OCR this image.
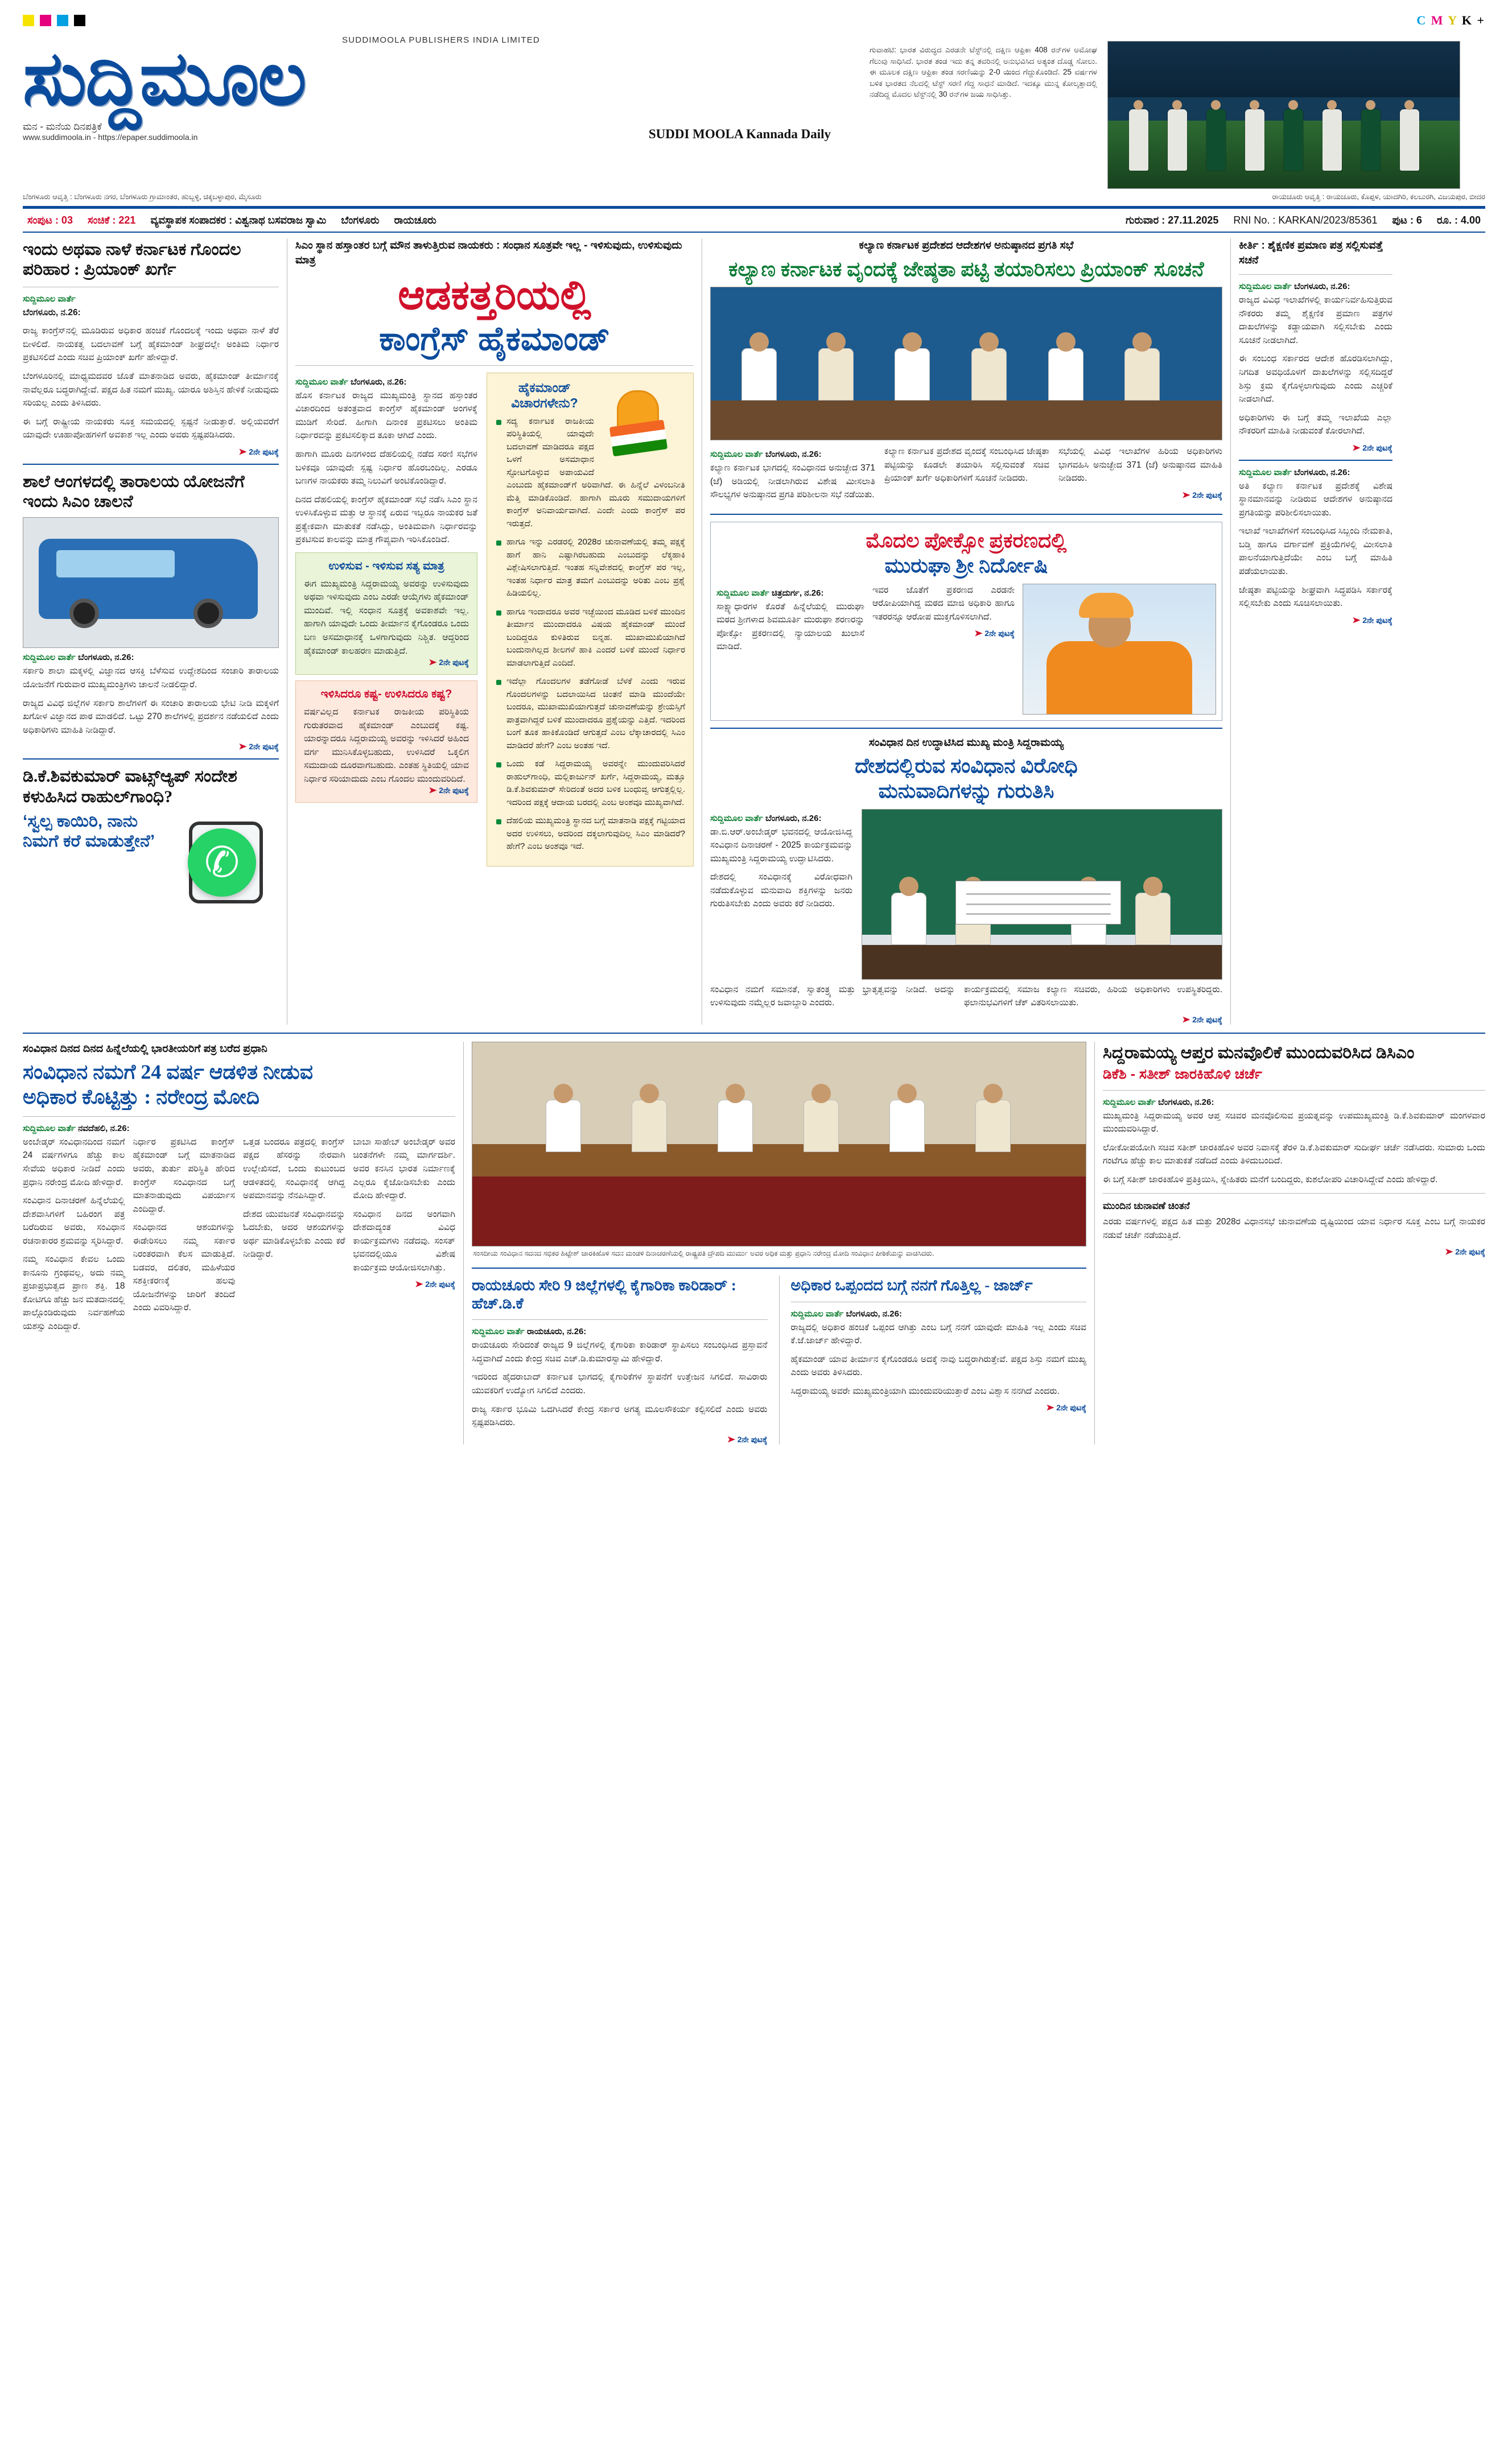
C M Y K +
SUDDIMOOLA PUBLISHERS INDIA LIMITED
ಸುದ್ದಿಮೂಲ
ಮನ - ಮನೆಯ ದಿನಪತ್ರಿಕೆ
www.suddimoola.in - https://epaper.suddimoola.in	SUDDI MOOLA Kannada Daily
ಗುವಾಹಟಿ: ಭಾರತ ವಿರುದ್ಧದ ಎರಡನೇ ಟೆಸ್ಟ್‌ನಲ್ಲಿ ದಕ್ಷಿಣ ಆಫ್ರಿಕಾ 408 ರನ್‌ಗಳ ಅಮೋಘ ಗೆಲುವು ಸಾಧಿಸಿದೆ. ಭಾರತ ತಂಡ ಇದು ತನ್ನ ತವರಿನಲ್ಲಿ ಅನುಭವಿಸಿದ ಅತ್ಯಂತ ದೊಡ್ಡ ಸೋಲು. ಈ ಮೂಲಕ ದಕ್ಷಿಣ ಆಫ್ರಿಕಾ ತಂಡ ಸರಣಿಯನ್ನು 2-0 ಯಿಂದ ಗೆದ್ದುಕೊಂಡಿದೆ. 25 ವರ್ಷಗಳ ಬಳಿಕ ಭಾರತದ ನೆಲದಲ್ಲಿ ಟೆಸ್ಟ್ ಸರಣಿ ಗೆದ್ದ ಸಾಧನೆ ಮಾಡಿದೆ. ಇದಕ್ಕೂ ಮುನ್ನ ಕೋಲ್ಕತ್ತಾದಲ್ಲಿ ನಡೆದಿದ್ದ ಮೊದಲ ಟೆಸ್ಟ್‌ನಲ್ಲಿ 30 ರನ್‌ಗಳ ಜಯ ಸಾಧಿಸಿತ್ತು.
ಬೆಂಗಳೂರು ಆವೃತ್ತಿ : ಬೆಂಗಳೂರು ನಗರ, ಬೆಂಗಳೂರು ಗ್ರಾಮಾಂತರ, ಹುಬ್ಬಳ್ಳಿ, ಚಿಕ್ಕಬಳ್ಳಾಪುರ, ಮೈಸೂರು	ರಾಯಚೂರು ಆವೃತ್ತಿ : ರಾಯಚೂರು, ಕೊಪ್ಪಳ, ಯಾದಗಿರಿ, ಕಲಬುರಗಿ, ವಿಜಯಪುರ, ಬೀದರ
ಸಂಪುಟ : 03 ಸಂಚಿಕೆ : 221 ವ್ಯವಸ್ಥಾಪಕ ಸಂಪಾದಕರ : ವಿಶ್ವನಾಥ ಬಸವರಾಜ ಸ್ವಾಮಿ ಬೆಂಗಳೂರು ರಾಯಚೂರು	ಗುರುವಾರ : 27.11.2025 RNI No. : KARKAN/2023/85361 ಪುಟ : 6 ರೂ. : 4.00
ಇಂದು ಅಥವಾ ನಾಳೆ ಕರ್ನಾಟಕ ಗೊಂದಲ ಪರಿಹಾರ : ಪ್ರಿಯಾಂಕ್ ಖರ್ಗೆ
ಸುದ್ದಿಮೂಲ ವಾರ್ತೆ

ಬೆಂಗಳೂರು, ನ.26:

ರಾಜ್ಯ ಕಾಂಗ್ರೆಸ್‌ನಲ್ಲಿ ಮೂಡಿರುವ ಅಧಿಕಾರ ಹಂಚಿಕೆ ಗೊಂದಲಕ್ಕೆ ಇಂದು ಅಥವಾ ನಾಳೆ ತೆರೆ ಬೀಳಲಿದೆ. ನಾಯಕತ್ವ ಬದಲಾವಣೆ ಬಗ್ಗೆ ಹೈಕಮಾಂಡ್ ಶೀಘ್ರದಲ್ಲೇ ಅಂತಿಮ ನಿರ್ಧಾರ ಪ್ರಕಟಿಸಲಿದೆ ಎಂದು ಸಚಿವ ಪ್ರಿಯಾಂಕ್ ಖರ್ಗೆ ಹೇಳಿದ್ದಾರೆ.

ಬೆಂಗಳೂರಿನಲ್ಲಿ ಮಾಧ್ಯಮದವರ ಜೊತೆ ಮಾತನಾಡಿದ ಅವರು, ಹೈಕಮಾಂಡ್ ತೀರ್ಮಾನಕ್ಕೆ ನಾವೆಲ್ಲರೂ ಬದ್ಧರಾಗಿದ್ದೇವೆ. ಪಕ್ಷದ ಹಿತ ನಮಗೆ ಮುಖ್ಯ. ಯಾರೂ ಅಶಿಸ್ತಿನ ಹೇಳಿಕೆ ನೀಡುವುದು ಸರಿಯಲ್ಲ ಎಂದು ತಿಳಿಸಿದರು.

ಈ ಬಗ್ಗೆ ರಾಷ್ಟ್ರೀಯ ನಾಯಕರು ಸೂಕ್ತ ಸಮಯದಲ್ಲಿ ಸ್ಪಷ್ಟನೆ ನೀಡುತ್ತಾರೆ. ಅಲ್ಲಿಯವರೆಗೆ ಯಾವುದೇ ಊಹಾಪೋಹಗಳಿಗೆ ಅವಕಾಶ ಇಲ್ಲ ಎಂದು ಅವರು ಸ್ಪಷ್ಟಪಡಿಸಿದರು.

➤ 2ನೇ ಪುಟಕ್ಕೆ
ಶಾಲೆ ಆಂಗಳದಲ್ಲಿ ತಾರಾಲಯ ಯೋಜನೆಗೆ ಇಂದು ಸಿಎಂ ಚಾಲನೆ
ಸುದ್ದಿಮೂಲ ವಾರ್ತೆ ಬೆಂಗಳೂರು, ನ.26:

ಸರ್ಕಾರಿ ಶಾಲಾ ಮಕ್ಕಳಲ್ಲಿ ವಿಜ್ಞಾನದ ಆಸಕ್ತಿ ಬೆಳೆಸುವ ಉದ್ದೇಶದಿಂದ ಸಂಚಾರಿ ತಾರಾಲಯ ಯೋಜನೆಗೆ ಗುರುವಾರ ಮುಖ್ಯಮಂತ್ರಿಗಳು ಚಾಲನೆ ನೀಡಲಿದ್ದಾರೆ.

ರಾಜ್ಯದ ವಿವಿಧ ಜಿಲ್ಲೆಗಳ ಸರ್ಕಾರಿ ಶಾಲೆಗಳಿಗೆ ಈ ಸಂಚಾರಿ ತಾರಾಲಯ ಭೇಟಿ ನೀಡಿ ಮಕ್ಕಳಿಗೆ ಖಗೋಳ ವಿಜ್ಞಾನದ ಪಾಠ ಮಾಡಲಿದೆ. ಒಟ್ಟು 270 ಶಾಲೆಗಳಲ್ಲಿ ಪ್ರದರ್ಶನ ನಡೆಯಲಿದೆ ಎಂದು ಅಧಿಕಾರಿಗಳು ಮಾಹಿತಿ ನೀಡಿದ್ದಾರೆ.

➤ 2ನೇ ಪುಟಕ್ಕೆ
ಡಿ.ಕೆ.ಶಿವಕುಮಾರ್ ವಾಟ್ಸ್‌ಆ್ಯಪ್ ಸಂದೇಶ ಕಳುಹಿಸಿದ ರಾಹುಲ್‌ಗಾಂಧಿ?
‘ಸ್ವಲ್ಪ ಕಾಯಿರಿ, ನಾನು ನಿಮಗೆ ಕರೆ ಮಾಡುತ್ತೇನೆ’
✆
ಸಿಎಂ ಸ್ಥಾನ ಹಸ್ತಾಂತರ ಬಗ್ಗೆ ಮೌನ ತಾಳುತ್ತಿರುವ ನಾಯಕರು : ಸಂಧಾನ ಸೂತ್ರವೇ ಇಲ್ಲ - ಇಳಿಸುವುದು, ಉಳಿಸುವುದು ಮಾತ್ರ
ಆಡಕತ್ತರಿಯಲ್ಲಿ
ಕಾಂಗ್ರೆಸ್ ಹೈಕಮಾಂಡ್
ಸುದ್ದಿಮೂಲ ವಾರ್ತೆ ಬೆಂಗಳೂರು, ನ.26:

ಹೊಸ ಕರ್ನಾಟಕ ರಾಜ್ಯದ ಮುಖ್ಯಮಂತ್ರಿ ಸ್ಥಾನದ ಹಸ್ತಾಂತರ ವಿಚಾರದಿಂದ ಅತಂತ್ರವಾದ ಕಾಂಗ್ರೆಸ್ ಹೈಕಮಾಂಡ್ ಅಂಗಳಕ್ಕೆ ಮುಡಿಗೆ ಸೇರಿದೆ. ಹೀಗಾಗಿ ದಿನಾಂಕ ಪ್ರಕಟಿಸಲು ಅಂತಿಮ ನಿರ್ಧಾರವನ್ನು ಪ್ರಕಟಿಸಲಿಕ್ಕಾದ ತೂಕಾ ಆಗಿದೆ ಎಂದು.

ಹಾಗಾಗಿ ಮೂರು ದಿನಗಳಿಂದ ದೆಹಲಿಯಲ್ಲಿ ನಡೆದ ಸರಣಿ ಸಭೆಗಳ ಬಳಿಕವೂ ಯಾವುದೇ ಸ್ಪಷ್ಟ ನಿರ್ಧಾರ ಹೊರಬಂದಿಲ್ಲ. ಎರಡೂ ಬಣಗಳ ನಾಯಕರು ತಮ್ಮ ನಿಲುವಿಗೆ ಅಂಟಿಕೊಂಡಿದ್ದಾರೆ.

ದಿನದ ದೆಹಲಿಯಲ್ಲಿ ಕಾಂಗ್ರೆಸ್ ಹೈಕಮಾಂಡ್ ಸಭೆ ನಡೆಸಿ ಸಿಎಂ ಸ್ಥಾನ ಉಳಿಸಿಕೊಳ್ಳುವ ಮತ್ತು ಆ ಸ್ಥಾನಕ್ಕೆ ಏರುವ ಇಬ್ಬರೂ ನಾಯಕರ ಜತೆ ಪ್ರತ್ಯೇಕವಾಗಿ ಮಾತುಕತೆ ನಡೆಸಿದ್ದು, ಅಂತಿಮವಾಗಿ ನಿರ್ಧಾರವನ್ನು ಪ್ರಕಟಿಸುವ ಕಾಲವನ್ನು ಮಾತ್ರ ಗೌಪ್ಯವಾಗಿ ಇರಿಸಿಕೊಂಡಿದೆ.

ಉಳಿಸುವ - ಇಳಿಸುವ ಸತ್ಯ ಮಾತ್ರ

ಈಗ ಮುಖ್ಯಮಂತ್ರಿ ಸಿದ್ದರಾಮಯ್ಯ ಅವರನ್ನು ಉಳಿಸುವುದು ಅಥವಾ ಇಳಿಸುವುದು ಎಂಬ ಎರಡೇ ಆಯ್ಕೆಗಳು ಹೈಕಮಾಂಡ್ ಮುಂದಿವೆ. ಇಲ್ಲಿ ಸಂಧಾನ ಸೂತ್ರಕ್ಕೆ ಅವಕಾಶವೇ ಇಲ್ಲ. ಹಾಗಾಗಿ ಯಾವುದೇ ಒಂದು ತೀರ್ಮಾನ ಕೈಗೊಂಡರೂ ಒಂದು ಬಣ ಅಸಮಾಧಾನಕ್ಕೆ ಒಳಗಾಗುವುದು ನಿಶ್ಚಿತ. ಆದ್ದರಿಂದ ಹೈಕಮಾಂಡ್ ಕಾಲಹರಣ ಮಾಡುತ್ತಿದೆ.

➤ 2ನೇ ಪುಟಕ್ಕೆ
ಇಳಿಸಿದರೂ ಕಷ್ಟ- ಉಳಿಸಿದರೂ ಕಷ್ಟ?

ವರ್ಷವಿಲ್ಲದ ಕರ್ನಾಟಕ ರಾಜಕೀಯ ಪರಿಸ್ಥಿತಿಯ ಗುರುತರವಾದ ಹೈಕಮಾಂಡ್ ಎಂಬುದಕ್ಕೆ ಕಷ್ಟ. ಯಾರನ್ನಾದರೂ ಸಿದ್ದರಾಮಯ್ಯ ಅವರನ್ನು ಇಳಿಸಿದರೆ ಅಹಿಂದ ವರ್ಗ ಮುನಿಸಿಕೊಳ್ಳಬಹುದು, ಉಳಿಸಿದರೆ ಒಕ್ಕಲಿಗ ಸಮುದಾಯ ದೂರವಾಗಬಹುದು. ಎಂತಹ ಸ್ಥಿತಿಯಲ್ಲಿ ಯಾವ ನಿರ್ಧಾರ ಸರಿಯಾದುದು ಎಂಬ ಗೊಂದಲ ಮುಂದುವರಿದಿದೆ.

➤ 2ನೇ ಪುಟಕ್ಕೆ
ಹೈಕಮಾಂಡ್ ವಿಚಾರಗಳೇನು?
ಸದ್ಯ ಕರ್ನಾಟಕ ರಾಜಕೀಯ ಪರಿಸ್ಥಿತಿಯಲ್ಲಿ ಯಾವುದೇ ಬದಲಾವಣೆ ಮಾಡಿದರೂ ಪಕ್ಷದ ಒಳಗೆ ಅಸಮಾಧಾನ ಸ್ಫೋಟಗೊಳ್ಳುವ ಅಪಾಯವಿದೆ ಎಂಬುದು ಹೈಕಮಾಂಡ್‌ಗೆ ಅರಿವಾಗಿದೆ. ಈ ಹಿನ್ನೆಲೆ ವಿಳಂಬನೀತಿ ಮೆತ್ತಿ ಮಾಡಿಕೊಂಡಿದೆ. ಹಾಗಾಗಿ ಮೂರು ಸಮುದಾಯಗಳಿಗೆ ಕಾಂಗ್ರೆಸ್ ಅನಿವಾರ್ಯವಾಗಿದೆ. ಎಂದೇ ಎಂದು ಕಾಂಗ್ರೆಸ್ ಪರ ಇರುತ್ತದೆ.
ಹಾಗೂ ಇನ್ನು ಎರಡರಲ್ಲಿ 2028ರ ಚುನಾವಣೆಯಲ್ಲಿ ತಮ್ಮ ಪಕ್ಷಕ್ಕೆ ಹಾಗೆ ಹಾನಿ ಎಷ್ಟಾಗಿರಬಹುದು ಎಂಬುದನ್ನು ಲೆಕ್ಕಹಾಕಿ ವಿಶ್ಲೇಷಿಸಲಾಗುತ್ತಿದೆ. ಇಂತಹ ಸನ್ನಿವೇಶದಲ್ಲಿ ಕಾಂಗ್ರೆಸ್ ಪರ ಇಲ್ಲ, ಇಂತಹ ನಿರ್ಧಾರ ಮಾತ್ರ ತಮಗೆ ಎಂಬುದನ್ನು ಅರಿತು ಎಂಬ ಪ್ರಶ್ನೆ ಹಿಡಿಯಲಿಲ್ಲ.
ಹಾಗೂ ಇಂದಾದರೂ ಅವರ ಇಚ್ಛೆಯಿಂದ ಮೂಡಿದ ಬಳಿಕೆ ಮುಂದಿನ ತೀರ್ಮಾನ ಮುಂದಾದರೂ ವಿಷಯ ಹೈಕಮಾಂಡ್ ಮುಂದೆ ಬಂದಿದ್ದರೂ ಕುಳಿತಿರುವ ಬಿನ್ನಹ. ಮುಖಾಮುಖಿಯಾಗಿದೆ ಬಂದುನಾಗಿಲ್ಲದ ಶೀಲಗಳೆ ಹಾಕಿ ಎಂದರೆ ಬಳಿಕೆ ಮುಂದೆ ನಿರ್ಧಾರ ಮಾಡಲಾಗುತ್ತಿದೆ ಎಂದಿದೆ.
ಇದೆಲ್ಲಾ ಗೊಂದಲಗಳ ತಡೆಗೋಡೆ ಬೆಳಕೆ ಎಂದು ಇರುವ ಗೊಂದಲಗಳನ್ನು ಬದಲಾಯಿಸಿದ ಚಿಂತನೆ ಮಾಡಿ ಮುಂದೆಯೇ ಬಂದರೂ, ಮುಖಾಮುಖಿಯಾಗುತ್ತದೆ ಚುನಾವಣೆಯನ್ನು ಶ್ರೇಯಸ್ಸಿಗೆ ಪಾತ್ರವಾಗಿದ್ದರೆ ಬಳಿಕೆ ಮುಂದಾದರೂ ಪ್ರಶ್ನೆಯನ್ನು ಎತ್ತಿದೆ. ಇದರಿಂದ ಬಂಗೆ ತೂಕ ಹಾಕಿಕೊಂಡಿದೆ ಆಗುತ್ತದೆ ಎಂಬ ಲೆಕ್ಕಾಚಾರದಲ್ಲಿ ಸಿಎಂ ಮಾಡಿದರೆ ಹೇಗೆ? ಎಂಬ ಅಂತಹ ಇದೆ.
ಒಂದು ಕಡೆ ಸಿದ್ದರಾಮಯ್ಯ ಅವರನ್ನೇ ಮುಂದುವರಿಸಿದರೆ ರಾಹುಲ್‌ಗಾಂಧಿ, ಮಲ್ಲಿಕಾರ್ಜುನ್ ಖರ್ಗೆ, ಸಿದ್ದರಾಮಯ್ಯ, ಮತ್ತೂ ಡಿ.ಕೆ.ಶಿವಕುಮಾರ್ ಸೇರಿದಂತೆ ಅದರ ಬಳಿಕ ಬಂಧುವ್ವ ಆಗುತ್ತಲ್ಲಿಲ್ಲ. ಇದರಿಂದ ಪಕ್ಷಕ್ಕೆ ಆದಾಯ ಬರದಲ್ಲಿ ಎಂಬ ಅಂಶವೂ ಮುಖ್ಯವಾಗಿದೆ.
ದೆಹಲಿಯ ಮುಖ್ಯಮಂತ್ರಿ ಸ್ಥಾನದ ಬಗ್ಗೆ ಮಾತನಾಡಿ ಪಕ್ಷಕ್ಕೆ ಗಟ್ಟಿಯಾದ ಅದರ ಉಳಿಸಲು, ಅದರಿಂದ ದಕ್ಕಲಾಗುವುದಿಲ್ಲ ಸಿಎಂ ಮಾಡಿದರೆ? ಹೇಗೆ? ಎಂಬ ಅಂಶವೂ ಇದೆ.
ಕಲ್ಯಾಣ ಕರ್ನಾಟಕ ಪ್ರದೇಶದ ಆದೇಶಗಳ ಅನುಷ್ಠಾನದ ಪ್ರಗತಿ ಸಭೆ
ಕಲ್ಯಾಣ ಕರ್ನಾಟಕ ವೃಂದಕ್ಕೆ ಜೇಷ್ಠತಾ ಪಟ್ಟಿ ತಯಾರಿಸಲು ಪ್ರಿಯಾಂಕ್ ಸೂಚನೆ
ಸುದ್ದಿಮೂಲ ವಾರ್ತೆ ಬೆಂಗಳೂರು, ನ.26:

ಕಲ್ಯಾಣ ಕರ್ನಾಟಕ ಭಾಗದಲ್ಲಿ ಸಂವಿಧಾನದ ಅನುಚ್ಛೇದ 371 (ಜೆ) ಅಡಿಯಲ್ಲಿ ನೀಡಲಾಗಿರುವ ವಿಶೇಷ ಮೀಸಲಾತಿ ಸೌಲಭ್ಯಗಳ ಅನುಷ್ಠಾನದ ಪ್ರಗತಿ ಪರಿಶೀಲನಾ ಸಭೆ ನಡೆಯಿತು.

ಕಲ್ಯಾಣ ಕರ್ನಾಟಕ ಪ್ರದೇಶದ ವೃಂದಕ್ಕೆ ಸಂಬಂಧಿಸಿದ ಜೇಷ್ಠತಾ ಪಟ್ಟಿಯನ್ನು ಕೂಡಲೇ ತಯಾರಿಸಿ ಸಲ್ಲಿಸುವಂತೆ ಸಚಿವ ಪ್ರಿಯಾಂಕ್ ಖರ್ಗೆ ಅಧಿಕಾರಿಗಳಿಗೆ ಸೂಚನೆ ನೀಡಿದರು.

ಸಭೆಯಲ್ಲಿ ವಿವಿಧ ಇಲಾಖೆಗಳ ಹಿರಿಯ ಅಧಿಕಾರಿಗಳು ಭಾಗವಹಿಸಿ ಅನುಚ್ಛೇದ 371 (ಜೆ) ಅನುಷ್ಠಾನದ ಮಾಹಿತಿ ನೀಡಿದರು.

➤ 2ನೇ ಪುಟಕ್ಕೆ
ಮೊದಲ ಪೋಕ್ಸೋ ಪ್ರಕರಣದಲ್ಲಿ
ಮುರುಘಾ ಶ್ರೀ ನಿರ್ದೋಷಿ
ಸುದ್ದಿಮೂಲ ವಾರ್ತೆ ಚಿತ್ರದುರ್ಗ, ನ.26:

ಸಾಕ್ಷ್ಯಾಧಾರಗಳ ಕೊರತೆ ಹಿನ್ನೆಲೆಯಲ್ಲಿ ಮುರುಘಾ ಮಠದ ಶ್ರೀಗಳಾದ ಶಿವಮೂರ್ತಿ ಮುರುಘಾ ಶರಣರನ್ನು ಪೋಕ್ಸೋ ಪ್ರಕರಣದಲ್ಲಿ ನ್ಯಾಯಾಲಯ ಖುಲಾಸೆ ಮಾಡಿದೆ.

ಇವರ ಜೊತೆಗೆ ಪ್ರಕರಣದ ಎರಡನೇ ಆರೋಪಿಯಾಗಿದ್ದ ಮಠದ ಮಾಜಿ ಅಧಿಕಾರಿ ಹಾಗೂ ಇತರರನ್ನೂ ಆರೋಪ ಮುಕ್ತಗೊಳಿಸಲಾಗಿದೆ.

➤ 2ನೇ ಪುಟಕ್ಕೆ
ಸಂವಿಧಾನ ದಿನ ಉದ್ಧಾಟಿಸಿದ ಮುಖ್ಯ ಮಂತ್ರಿ ಸಿದ್ದರಾಮಯ್ಯ
ದೇಶದಲ್ಲಿರುವ ಸಂವಿಧಾನ ವಿರೋಧಿ
ಮನುವಾದಿಗಳನ್ನು ಗುರುತಿಸಿ
ಸುದ್ದಿಮೂಲ ವಾರ್ತೆ ಬೆಂಗಳೂರು, ನ.26:

ಡಾ.ಬಿ.ಆರ್.ಅಂಬೇಡ್ಕರ್ ಭವನದಲ್ಲಿ ಆಯೋಜಿಸಿದ್ದ ಸಂವಿಧಾನ ದಿನಾಚರಣೆ - 2025 ಕಾರ್ಯಕ್ರಮವನ್ನು ಮುಖ್ಯಮಂತ್ರಿ ಸಿದ್ದರಾಮಯ್ಯ ಉದ್ಘಾಟಿಸಿದರು.

ದೇಶದಲ್ಲಿ ಸಂವಿಧಾನಕ್ಕೆ ವಿರೋಧವಾಗಿ ನಡೆದುಕೊಳ್ಳುವ ಮನುವಾದಿ ಶಕ್ತಿಗಳನ್ನು ಜನರು ಗುರುತಿಸಬೇಕು ಎಂದು ಅವರು ಕರೆ ನೀಡಿದರು.

ಸಂವಿಧಾನ ನಮಗೆ ಸಮಾನತೆ, ಸ್ವಾತಂತ್ರ್ಯ ಮತ್ತು ಭ್ರಾತೃತ್ವವನ್ನು ನೀಡಿದೆ. ಅದನ್ನು ಉಳಿಸುವುದು ನಮ್ಮೆಲ್ಲರ ಜವಾಬ್ದಾರಿ ಎಂದರು.

ಕಾರ್ಯಕ್ರಮದಲ್ಲಿ ಸಮಾಜ ಕಲ್ಯಾಣ ಸಚಿವರು, ಹಿರಿಯ ಅಧಿಕಾರಿಗಳು ಉಪಸ್ಥಿತರಿದ್ದರು. ಫಲಾನುಭವಿಗಳಿಗೆ ಚೆಕ್ ವಿತರಿಸಲಾಯಿತು.

➤ 2ನೇ ಪುಟಕ್ಕೆ
ಕೀರ್ತಿ : ಶೈಕ್ಷಣಿಕ ಪ್ರಮಾಣ ಪತ್ರ ಸಲ್ಲಿಸುವತ್ತೆ ಸಚನೆ
ಸುದ್ದಿಮೂಲ ವಾರ್ತೆ ಬೆಂಗಳೂರು, ನ.26:

ರಾಜ್ಯದ ವಿವಿಧ ಇಲಾಖೆಗಳಲ್ಲಿ ಕಾರ್ಯನಿರ್ವಹಿಸುತ್ತಿರುವ ನೌಕರರು ತಮ್ಮ ಶೈಕ್ಷಣಿಕ ಪ್ರಮಾಣ ಪತ್ರಗಳ ದಾಖಲೆಗಳನ್ನು ಕಡ್ಡಾಯವಾಗಿ ಸಲ್ಲಿಸಬೇಕು ಎಂದು ಸೂಚನೆ ನೀಡಲಾಗಿದೆ.

ಈ ಸಂಬಂಧ ಸರ್ಕಾರದ ಆದೇಶ ಹೊರಡಿಸಲಾಗಿದ್ದು, ನಿಗದಿತ ಅವಧಿಯೊಳಗೆ ದಾಖಲೆಗಳನ್ನು ಸಲ್ಲಿಸದಿದ್ದರೆ ಶಿಸ್ತು ಕ್ರಮ ಕೈಗೊಳ್ಳಲಾಗುವುದು ಎಂದು ಎಚ್ಚರಿಕೆ ನೀಡಲಾಗಿದೆ.

ಅಧಿಕಾರಿಗಳು ಈ ಬಗ್ಗೆ ತಮ್ಮ ಇಲಾಖೆಯ ಎಲ್ಲಾ ನೌಕರರಿಗೆ ಮಾಹಿತಿ ನೀಡುವಂತೆ ಕೋರಲಾಗಿದೆ.

➤ 2ನೇ ಪುಟಕ್ಕೆ
ಸುದ್ದಿಮೂಲ ವಾರ್ತೆ ಬೆಂಗಳೂರು, ನ.26:

ಅತಿ ಕಲ್ಯಾಣ ಕರ್ನಾಟಕ ಪ್ರದೇಶಕ್ಕೆ ವಿಶೇಷ ಸ್ಥಾನಮಾನವನ್ನು ನೀಡಿರುವ ಆದೇಶಗಳ ಅನುಷ್ಠಾನದ ಪ್ರಗತಿಯನ್ನು ಪರಿಶೀಲಿಸಲಾಯಿತು.

ಇಲಾಖೆ ಇಲಾಖೆಗಳಿಗೆ ಸಂಬಂಧಿಸಿದ ಸಿಬ್ಬಂದಿ ನೇಮಕಾತಿ, ಬಡ್ತಿ ಹಾಗೂ ವರ್ಗಾವಣೆ ಪ್ರಕ್ರಿಯೆಗಳಲ್ಲಿ ಮೀಸಲಾತಿ ಪಾಲನೆಯಾಗುತ್ತಿದೆಯೇ ಎಂಬ ಬಗ್ಗೆ ಮಾಹಿತಿ ಪಡೆಯಲಾಯಿತು.

ಜೇಷ್ಠತಾ ಪಟ್ಟಿಯನ್ನು ಶೀಘ್ರವಾಗಿ ಸಿದ್ಧಪಡಿಸಿ ಸರ್ಕಾರಕ್ಕೆ ಸಲ್ಲಿಸಬೇಕು ಎಂದು ಸೂಚಿಸಲಾಯಿತು.

➤ 2ನೇ ಪುಟಕ್ಕೆ
ಸಂವಿಧಾನ ದಿನದ ದಿನದ ಹಿನ್ನೆಲೆಯಲ್ಲಿ ಭಾರತೀಯರಿಗೆ ಪತ್ರ ಬರೆದ ಪ್ರಧಾನಿ
ಸಂವಿಧಾನ ನಮಗೆ 24 ವರ್ಷ ಆಡಳಿತ ನೀಡುವ
ಅಧಿಕಾರ ಕೊಟ್ಟಿತ್ತು : ನರೇಂದ್ರ ಮೋದಿ
ಸುದ್ದಿಮೂಲ ವಾರ್ತೆ ನವದೆಹಲಿ, ನ.26:

ಅಂಬೇಡ್ಕರ್ ಸಂವಿಧಾನದಿಂದ ನಮಗೆ 24 ವರ್ಷಗಳಿಗೂ ಹೆಚ್ಚು ಕಾಲ ಸೇವೆಯ ಅಧಿಕಾರ ನೀಡಿದೆ ಎಂದು ಪ್ರಧಾನಿ ನರೇಂದ್ರ ಮೋದಿ ಹೇಳಿದ್ದಾರೆ.

ಸಂವಿಧಾನ ದಿನಾಚರಣೆ ಹಿನ್ನೆಲೆಯಲ್ಲಿ ದೇಶವಾಸಿಗಳಿಗೆ ಬಹಿರಂಗ ಪತ್ರ ಬರೆದಿರುವ ಅವರು, ಸಂವಿಧಾನ ರಚನಾಕಾರರ ಶ್ರಮವನ್ನು ಸ್ಮರಿಸಿದ್ದಾರೆ.

ನಮ್ಮ ಸಂವಿಧಾನ ಕೇವಲ ಒಂದು ಕಾನೂನು ಗ್ರಂಥವಲ್ಲ, ಅದು ನಮ್ಮ ಪ್ರಜಾಪ್ರಭುತ್ವದ ಪ್ರಾಣ ಶಕ್ತಿ. 18 ಕೋಟಿಗೂ ಹೆಚ್ಚು ಜನ ಮತದಾನದಲ್ಲಿ ಪಾಲ್ಗೊಂಡಿರುವುದು ನಿರ್ವಹಣೆಯ ಯಶಸ್ಸು ಎಂದಿದ್ದಾರೆ.

ನಿರ್ಧಾರ ಪ್ರಕಟಿಸಿದ ಕಾಂಗ್ರೆಸ್ ಹೈಕಮಾಂಡ್ ಬಗ್ಗೆ ಮಾತನಾಡಿದ ಅವರು, ತುರ್ತು ಪರಿಸ್ಥಿತಿ ಹೇರಿದ ಕಾಂಗ್ರೆಸ್ ಸಂವಿಧಾನದ ಬಗ್ಗೆ ಮಾತನಾಡುವುದು ವಿಪರ್ಯಾಸ ಎಂದಿದ್ದಾರೆ.

ಸಂವಿಧಾನದ ಆಶಯಗಳನ್ನು ಈಡೇರಿಸಲು ನಮ್ಮ ಸರ್ಕಾರ ನಿರಂತರವಾಗಿ ಕೆಲಸ ಮಾಡುತ್ತಿದೆ. ಬಡವರ, ದಲಿತರ, ಮಹಿಳೆಯರ ಸಶಕ್ತೀಕರಣಕ್ಕೆ ಹಲವು ಯೋಜನೆಗಳನ್ನು ಜಾರಿಗೆ ತಂದಿದೆ ಎಂದು ವಿವರಿಸಿದ್ದಾರೆ.

ಒತ್ತಡ ಬಂದರೂ ಪತ್ರದಲ್ಲಿ ಕಾಂಗ್ರೆಸ್ ಪಕ್ಷದ ಹೆಸರನ್ನು ನೇರವಾಗಿ ಉಲ್ಲೇಖಿಸದೆ, ಒಂದು ಕುಟುಂಬದ ಆಡಳಿತದಲ್ಲಿ ಸಂವಿಧಾನಕ್ಕೆ ಆಗಿದ್ದ ಅಪಮಾನವನ್ನು ನೆನಪಿಸಿದ್ದಾರೆ.

ದೇಶದ ಯುವಜನತೆ ಸಂವಿಧಾನವನ್ನು ಓದಬೇಕು, ಅದರ ಆಶಯಗಳನ್ನು ಅರ್ಥ ಮಾಡಿಕೊಳ್ಳಬೇಕು ಎಂದು ಕರೆ ನೀಡಿದ್ದಾರೆ.

ಬಾಬಾ ಸಾಹೇಬ್ ಅಂಬೇಡ್ಕರ್ ಅವರ ಚಿಂತನೆಗಳೇ ನಮ್ಮ ಮಾರ್ಗದರ್ಶಿ. ಅವರ ಕನಸಿನ ಭಾರತ ನಿರ್ಮಾಣಕ್ಕೆ ಎಲ್ಲರೂ ಕೈಜೋಡಿಸಬೇಕು ಎಂದು ಮೋದಿ ಹೇಳಿದ್ದಾರೆ.

ಸಂವಿಧಾನ ದಿನದ ಅಂಗವಾಗಿ ದೇಶದಾದ್ಯಂತ ವಿವಿಧ ಕಾರ್ಯಕ್ರಮಗಳು ನಡೆದವು. ಸಂಸತ್ ಭವನದಲ್ಲಿಯೂ ವಿಶೇಷ ಕಾರ್ಯಕ್ರಮ ಆಯೋಜಿಸಲಾಗಿತ್ತು.

➤ 2ನೇ ಪುಟಕ್ಕೆ
ಸಂಸದೀಯ ಸಂವಿಧಾನ ಸದನದ ಸಭಿಕರ ಹಿಟ್ಟೇಶ್ ಜಾರಕಿಹೊಳಿ ಸದನ ಮಂಡಳಿ ದಿನಾಚರಣೆಯಲ್ಲಿ ರಾಷ್ಟ್ರಪತಿ ದ್ರೌಪದಿ ಮುರ್ಮು ಅವರ ಅಧಿಕ ಮತ್ತು ಪ್ರಧಾನಿ ನರೇಂದ್ರ ಮೋದಿ ಸಂವಿಧಾನ ಪೀಠಿಕೆಯನ್ನು ವಾಚಿಸಿದರು.
ರಾಯಚೂರು ಸೇರಿ 9 ಜಿಲ್ಲೆಗಳಲ್ಲಿ ಕೈಗಾರಿಕಾ ಕಾರಿಡಾರ್ : ಹೆಚ್.ಡಿ.ಕೆ
ಸುದ್ದಿಮೂಲ ವಾರ್ತೆ ರಾಯಚೂರು, ನ.26:

ರಾಯಚೂರು ಸೇರಿದಂತೆ ರಾಜ್ಯದ 9 ಜಿಲ್ಲೆಗಳಲ್ಲಿ ಕೈಗಾರಿಕಾ ಕಾರಿಡಾರ್ ಸ್ಥಾಪಿಸಲು ಸಂಬಂಧಿಸಿದ ಪ್ರಸ್ತಾವನೆ ಸಿದ್ಧವಾಗಿದೆ ಎಂದು ಕೇಂದ್ರ ಸಚಿವ ಎಚ್.ಡಿ.ಕುಮಾರಸ್ವಾಮಿ ಹೇಳಿದ್ದಾರೆ.

ಇದರಿಂದ ಹೈದರಾಬಾದ್ ಕರ್ನಾಟಕ ಭಾಗದಲ್ಲಿ ಕೈಗಾರಿಕೆಗಳ ಸ್ಥಾಪನೆಗೆ ಉತ್ತೇಜನ ಸಿಗಲಿದೆ. ಸಾವಿರಾರು ಯುವಕರಿಗೆ ಉದ್ಯೋಗ ಸಿಗಲಿದೆ ಎಂದರು.

ರಾಜ್ಯ ಸರ್ಕಾರ ಭೂಮಿ ಒದಗಿಸಿದರೆ ಕೇಂದ್ರ ಸರ್ಕಾರ ಅಗತ್ಯ ಮೂಲಸೌಕರ್ಯ ಕಲ್ಪಿಸಲಿದೆ ಎಂದು ಅವರು ಸ್ಪಷ್ಟಪಡಿಸಿದರು.

➤ 2ನೇ ಪುಟಕ್ಕೆ
ಅಧಿಕಾರ ಒಪ್ಪಂದದ ಬಗ್ಗೆ ನನಗೆ ಗೊತ್ತಿಲ್ಲ - ಜಾರ್ಜ್
ಸುದ್ದಿಮೂಲ ವಾರ್ತೆ ಬೆಂಗಳೂರು, ನ.26:

ರಾಜ್ಯದಲ್ಲಿ ಅಧಿಕಾರ ಹಂಚಿಕೆ ಒಪ್ಪಂದ ಆಗಿತ್ತು ಎಂಬ ಬಗ್ಗೆ ನನಗೆ ಯಾವುದೇ ಮಾಹಿತಿ ಇಲ್ಲ ಎಂದು ಸಚಿವ ಕೆ.ಜೆ.ಜಾರ್ಜ್ ಹೇಳಿದ್ದಾರೆ.

ಹೈಕಮಾಂಡ್ ಯಾವ ತೀರ್ಮಾನ ಕೈಗೊಂಡರೂ ಅದಕ್ಕೆ ನಾವು ಬದ್ಧರಾಗಿರುತ್ತೇವೆ. ಪಕ್ಷದ ಶಿಸ್ತು ನಮಗೆ ಮುಖ್ಯ ಎಂದು ಅವರು ತಿಳಿಸಿದರು.

ಸಿದ್ದರಾಮಯ್ಯ ಅವರೇ ಮುಖ್ಯಮಂತ್ರಿಯಾಗಿ ಮುಂದುವರಿಯುತ್ತಾರೆ ಎಂಬ ವಿಶ್ವಾಸ ನನಗಿದೆ ಎಂದರು.

➤ 2ನೇ ಪುಟಕ್ಕೆ
ಸಿದ್ದರಾಮಯ್ಯ ಆಪ್ತರ ಮನವೊಲಿಕೆ ಮುಂದುವರಿಸಿದ ಡಿಸಿಎಂ
ಡಿಕೆಶಿ - ಸತೀಶ್ ಜಾರಕಿಹೊಳಿ ಚರ್ಚೆ
ಸುದ್ದಿಮೂಲ ವಾರ್ತೆ ಬೆಂಗಳೂರು, ನ.26:

ಮುಖ್ಯಮಂತ್ರಿ ಸಿದ್ದರಾಮಯ್ಯ ಅವರ ಆಪ್ತ ಸಚಿವರ ಮನವೊಲಿಸುವ ಪ್ರಯತ್ನವನ್ನು ಉಪಮುಖ್ಯಮಂತ್ರಿ ಡಿ.ಕೆ.ಶಿವಕುಮಾರ್ ಮಂಗಳವಾರ ಮುಂದುವರಿಸಿದ್ದಾರೆ.

ಲೋಕೋಪಯೋಗಿ ಸಚಿವ ಸತೀಶ್ ಜಾರಕಿಹೊಳಿ ಅವರ ನಿವಾಸಕ್ಕೆ ತೆರಳಿ ಡಿ.ಕೆ.ಶಿವಕುಮಾರ್ ಸುದೀರ್ಘ ಚರ್ಚೆ ನಡೆಸಿದರು. ಸುಮಾರು ಒಂದು ಗಂಟೆಗೂ ಹೆಚ್ಚು ಕಾಲ ಮಾತುಕತೆ ನಡೆದಿದೆ ಎಂದು ತಿಳಿದುಬಂದಿದೆ.

ಈ ಬಗ್ಗೆ ಸತೀಶ್ ಜಾರಕಿಹೊಳಿ ಪ್ರತಿಕ್ರಿಯಿಸಿ, ಸ್ನೇಹಿತರು ಮನೆಗೆ ಬಂದಿದ್ದರು, ಕುಶಲೋಪರಿ ವಿಚಾರಿಸಿದ್ದೇವೆ ಎಂದು ಹೇಳಿದ್ದಾರೆ.

ಮುಂದಿನ ಚುನಾವಣೆ ಚಿಂತನೆ

ಎರಡು ವರ್ಷಗಳಲ್ಲಿ ಪಕ್ಷದ ಹಿತ ಮತ್ತು 2028ರ ವಿಧಾನಸಭೆ ಚುನಾವಣೆಯ ದೃಷ್ಟಿಯಿಂದ ಯಾವ ನಿರ್ಧಾರ ಸೂಕ್ತ ಎಂಬ ಬಗ್ಗೆ ನಾಯಕರ ನಡುವೆ ಚರ್ಚೆ ನಡೆಯುತ್ತಿದೆ.

➤ 2ನೇ ಪುಟಕ್ಕೆ
